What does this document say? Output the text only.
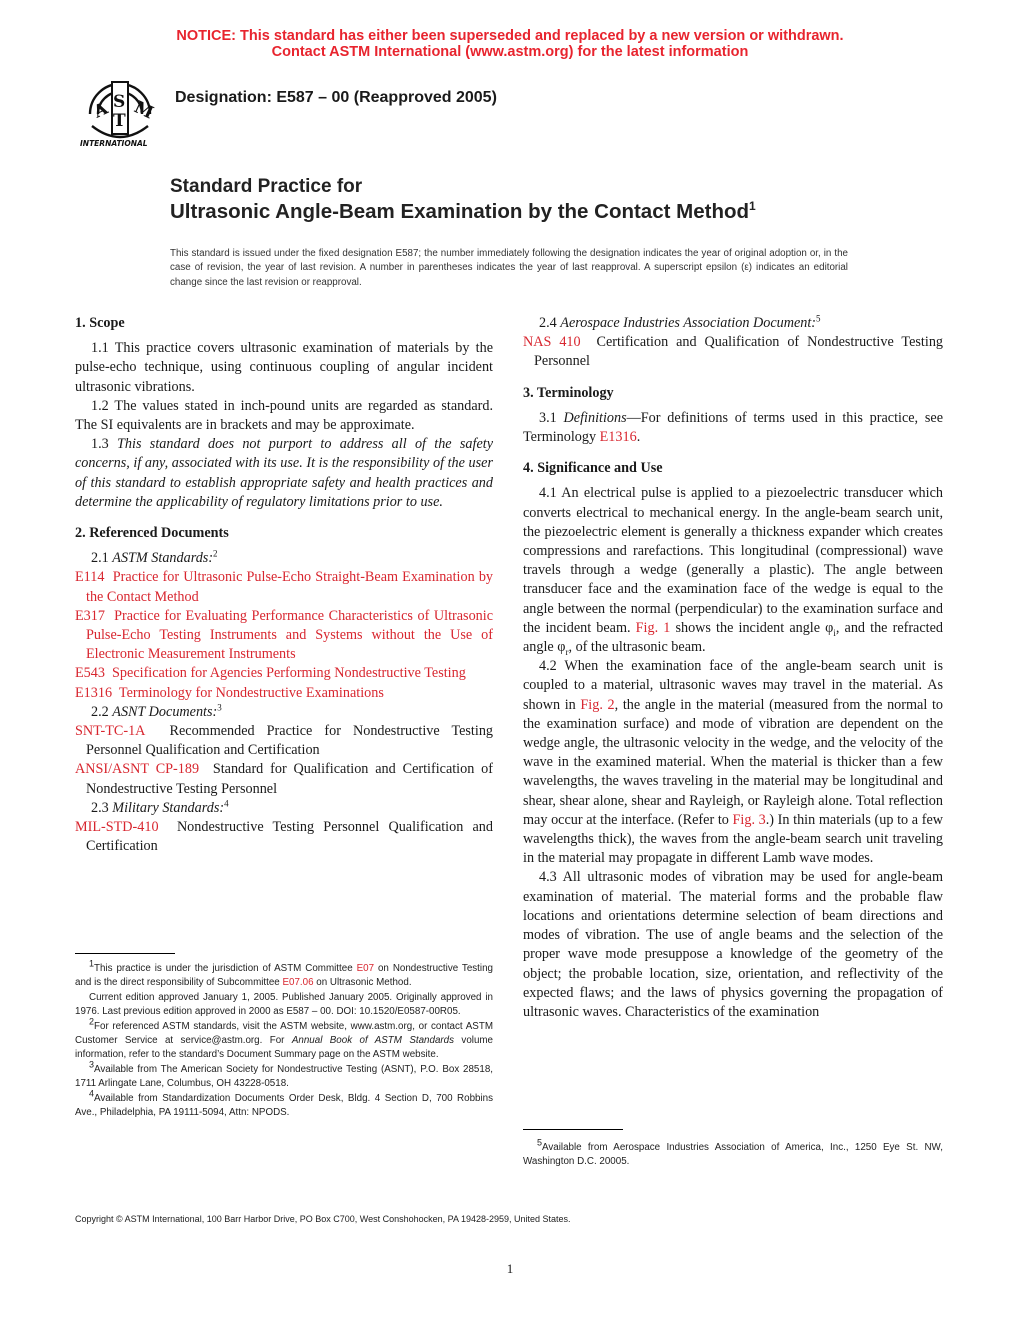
NOTICE: This standard has either been superseded and replaced by a new version or withdrawn.
Contact ASTM International (www.astm.org) for the latest information
A S
T M
INTERNATIONAL
Designation: E587 – 00 (Reapproved 2005)
Standard Practice for
Ultrasonic Angle-Beam Examination by the Contact Method$^1$
This standard is issued under the fixed designation E587; the number immediately following the designation indicates the year of original adoption or, in the case of revision, the year of last revision. A number in parentheses indicates the year of last reapproval. A superscript epsilon (ε) indicates an editorial change since the last revision or reapproval.
1. Scope

1.1 This practice covers ultrasonic examination of materials by the pulse-echo technique, using continuous coupling of angular incident ultrasonic vibrations.

1.2 The values stated in inch-pound units are regarded as standard. The SI equivalents are in brackets and may be approximate.

1.3 This standard does not purport to address all of the safety concerns, if any, associated with its use. It is the responsibility of the user of this standard to establish appropriate safety and health practices and determine the applicability of regulatory limitations prior to use.

2. Referenced Documents

2.1 ASTM Standards:$^2$

E114 Practice for Ultrasonic Pulse-Echo Straight-Beam Examination by the Contact Method

E317 Practice for Evaluating Performance Characteristics of Ultrasonic Pulse-Echo Testing Instruments and Systems without the Use of Electronic Measurement Instruments

E543 Specification for Agencies Performing Nondestructive Testing

E1316 Terminology for Nondestructive Examinations

2.2 ASNT Documents:$^3$

SNT-TC-1A Recommended Practice for Nondestructive Testing Personnel Qualification and Certification

ANSI/ASNT CP-189 Standard for Qualification and Certification of Nondestructive Testing Personnel

2.3 Military Standards:$^4$

MIL-STD-410 Nondestructive Testing Personnel Qualification and Certification

2.4 Aerospace Industries Association Document:$^5$

NAS 410 Certification and Qualification of Nondestructive Testing Personnel

3. Terminology

3.1 Definitions—For definitions of terms used in this practice, see Terminology E1316.

4. Significance and Use

4.1 An electrical pulse is applied to a piezoelectric transducer which converts electrical to mechanical energy. In the angle-beam search unit, the piezoelectric element is generally a thickness expander which creates compressions and rarefactions. This longitudinal (compressional) wave travels through a wedge (generally a plastic). The angle between transducer face and the examination face of the wedge is equal to the angle between the normal (perpendicular) to the examination surface and the incident beam. Fig. 1 shows the incident angle $\varphi_i$, and the refracted angle $\varphi_r$, of the ultrasonic beam.

4.2 When the examination face of the angle-beam search unit is coupled to a material, ultrasonic waves may travel in the material. As shown in Fig. 2, the angle in the material (measured from the normal to the examination surface) and mode of vibration are dependent on the wedge angle, the ultrasonic velocity in the wedge, and the velocity of the wave in the examined material. When the material is thicker than a few wavelengths, the waves traveling in the material may be longitudinal and shear, shear alone, shear and Rayleigh, or Rayleigh alone. Total reflection may occur at the interface. (Refer to Fig. 3.) In thin materials (up to a few wavelengths thick), the waves from the angle-beam search unit traveling in the material may propagate in different Lamb wave modes.

4.3 All ultrasonic modes of vibration may be used for angle-beam examination of material. The material forms and the probable flaw locations and orientations determine selection of beam directions and modes of vibration. The use of angle beams and the selection of the proper wave mode presuppose a knowledge of the geometry of the object; the probable location, size, orientation, and reflectivity of the expected flaws; and the laws of physics governing the propagation of ultrasonic waves. Characteristics of the examination

$^1$This practice is under the jurisdiction of ASTM Committee E07 on Nondestructive Testing and is the direct responsibility of Subcommittee E07.06 on Ultrasonic Method.

Current edition approved January 1, 2005. Published January 2005. Originally approved in 1976. Last previous edition approved in 2000 as E587 – 00. DOI: 10.1520/E0587-00R05.

$^2$For referenced ASTM standards, visit the ASTM website, www.astm.org, or contact ASTM Customer Service at service@astm.org. For Annual Book of ASTM Standards volume information, refer to the standard’s Document Summary page on the ASTM website.

$^3$Available from The American Society for Nondestructive Testing (ASNT), P.O. Box 28518, 1711 Arlingate Lane, Columbus, OH 43228-0518.

$^4$Available from Standardization Documents Order Desk, Bldg. 4 Section D, 700 Robbins Ave., Philadelphia, PA 19111-5094, Attn: NPODS.

$^5$Available from Aerospace Industries Association of America, Inc., 1250 Eye St. NW, Washington D.C. 20005.

Copyright © ASTM International, 100 Barr Harbor Drive, PO Box C700, West Conshohocken, PA 19428-2959, United States.
1
